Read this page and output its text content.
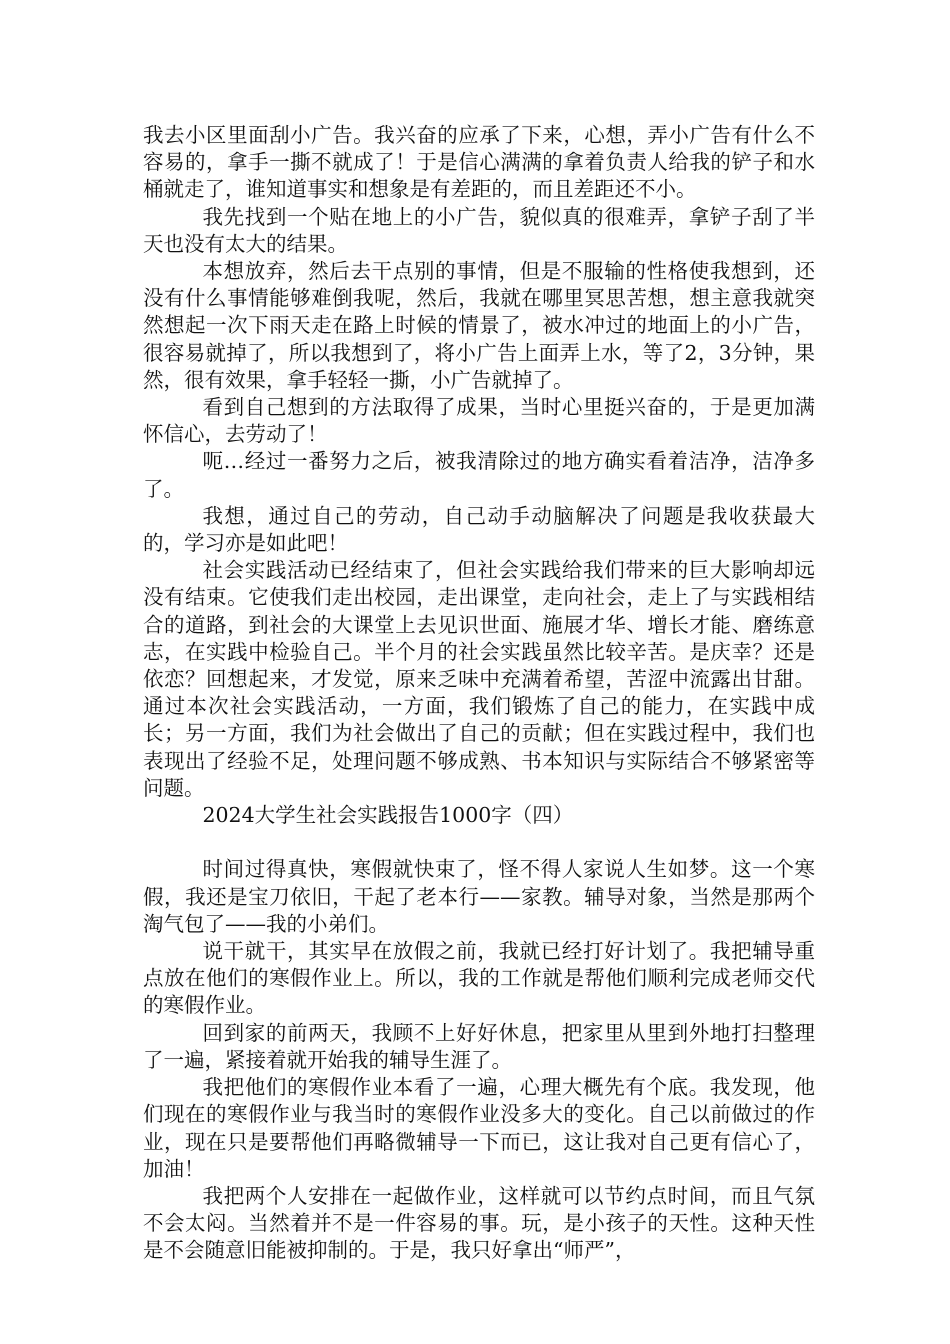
我去小区里面刮小广告。我兴奋的应承了下来，心想，弄小广告有什么不容易的，拿手一撕不就成了！于是信心满满的拿着负责人给我的铲子和水桶就走了，谁知道事实和想象是有差距的，而且差距还不小。

我先找到一个贴在地上的小广告，貌似真的很难弄，拿铲子刮了半天也没有太大的结果。

本想放弃，然后去干点别的事情，但是不服输的性格使我想到，还没有什么事情能够难倒我呢，然后，我就在哪里冥思苦想，想主意我就突然想起一次下雨天走在路上时候的情景了，被水冲过的地面上的小广告，很容易就掉了，所以我想到了，将小广告上面弄上水，等了2，3分钟，果然，很有效果，拿手轻轻一撕，小广告就掉了。

看到自己想到的方法取得了成果，当时心里挺兴奋的，于是更加满怀信心，去劳动了！

呃…经过一番努力之后，被我清除过的地方确实看着洁净，洁净多了。

我想，通过自己的劳动，自己动手动脑解决了问题是我收获最大的，学习亦是如此吧！

社会实践活动已经结束了，但社会实践给我们带来的巨大影响却远没有结束。它使我们走出校园，走出课堂，走向社会，走上了与实践相结合的道路，到社会的大课堂上去见识世面、施展才华、增长才能、磨练意志，在实践中检验自己。半个月的社会实践虽然比较辛苦。是庆幸？还是依恋？回想起来，才发觉，原来乏味中充满着希望，苦涩中流露出甘甜。通过本次社会实践活动，一方面，我们锻炼了自己的能力，在实践中成长；另一方面，我们为社会做出了自己的贡献；但在实践过程中，我们也表现出了经验不足，处理问题不够成熟、书本知识与实际结合不够紧密等问题。

2024大学生社会实践报告1000字（四）

时间过得真快，寒假就快束了，怪不得人家说人生如梦。这一个寒假，我还是宝刀依旧，干起了老本行——家教。辅导对象，当然是那两个淘气包了——我的小弟们。

说干就干，其实早在放假之前，我就已经打好计划了。我把辅导重点放在他们的寒假作业上。所以，我的工作就是帮他们顺利完成老师交代的寒假作业。

回到家的前两天，我顾不上好好休息，把家里从里到外地打扫整理了一遍，紧接着就开始我的辅导生涯了。

我把他们的寒假作业本看了一遍，心理大概先有个底。我发现，他们现在的寒假作业与我当时的寒假作业没多大的变化。自己以前做过的作业，现在只是要帮他们再略微辅导一下而已，这让我对自己更有信心了，加油！

我把两个人安排在一起做作业，这样就可以节约点时间，而且气氛不会太闷。当然着并不是一件容易的事。玩，是小孩子的天性。这种天性是不会随意旧能被抑制的。于是，我只好拿出“师严”，
